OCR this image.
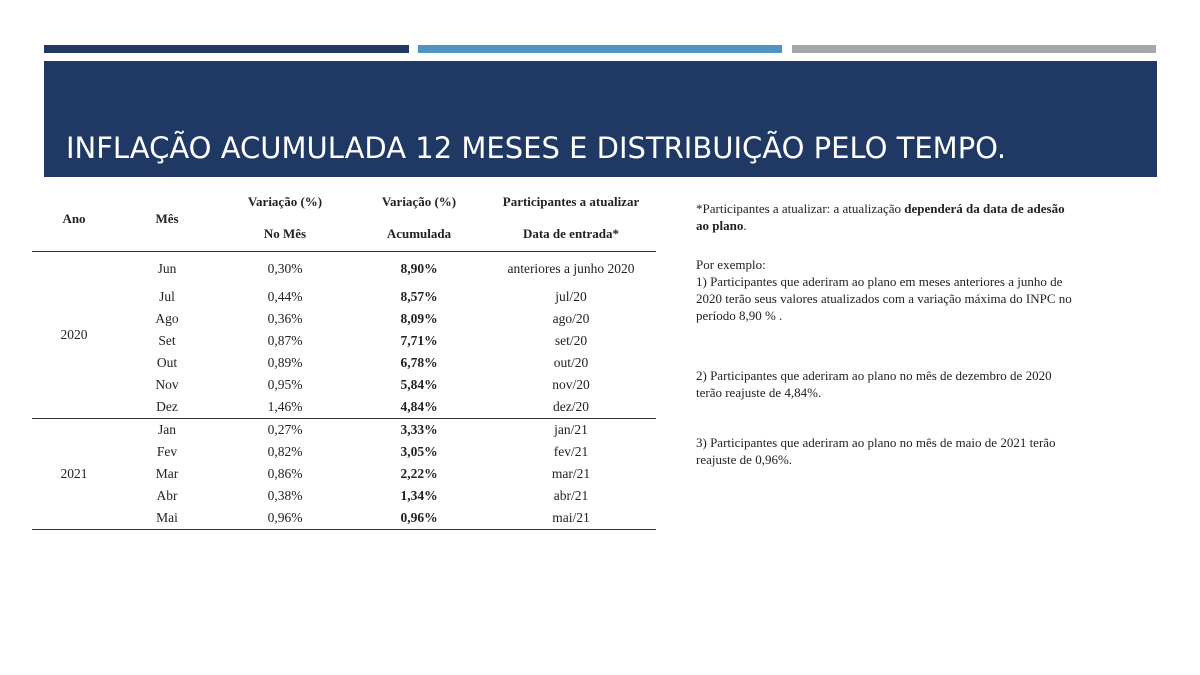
INFLAÇÃO ACUMULADA 12 MESES E DISTRIBUIÇÃO PELO TEMPO.
Ano	Mês	Variação (%)	Variação (%)	Participantes a atualizar
		No Mês	Acumulada	Data de entrada*
2020	Jun	0,30%	8,90%	anteriores a junho 2020
	Jul	0,44%	8,57%	jul/20
	Ago	0,36%	8,09%	ago/20
	Set	0,87%	7,71%	set/20
	Out	0,89%	6,78%	out/20
	Nov	0,95%	5,84%	nov/20
	Dez	1,46%	4,84%	dez/20
2021	Jan	0,27%	3,33%	jan/21
	Fev	0,82%	3,05%	fev/21
	Mar	0,86%	2,22%	mar/21
	Abr	0,38%	1,34%	abr/21
	Mai	0,96%	0,96%	mai/21

*Participantes a atualizar: a atualização dependerá da data de adesão ao plano.

Por exemplo:

1) Participantes que aderiram ao plano em meses anteriores a junho de 2020 terão seus valores atualizados com a variação máxima do INPC no período 8,90 % .

2) Participantes que aderiram ao plano no mês de dezembro de 2020 terão reajuste de 4,84%.

3) Participantes que aderiram ao plano no mês de maio de 2021 terão reajuste de 0,96%.
